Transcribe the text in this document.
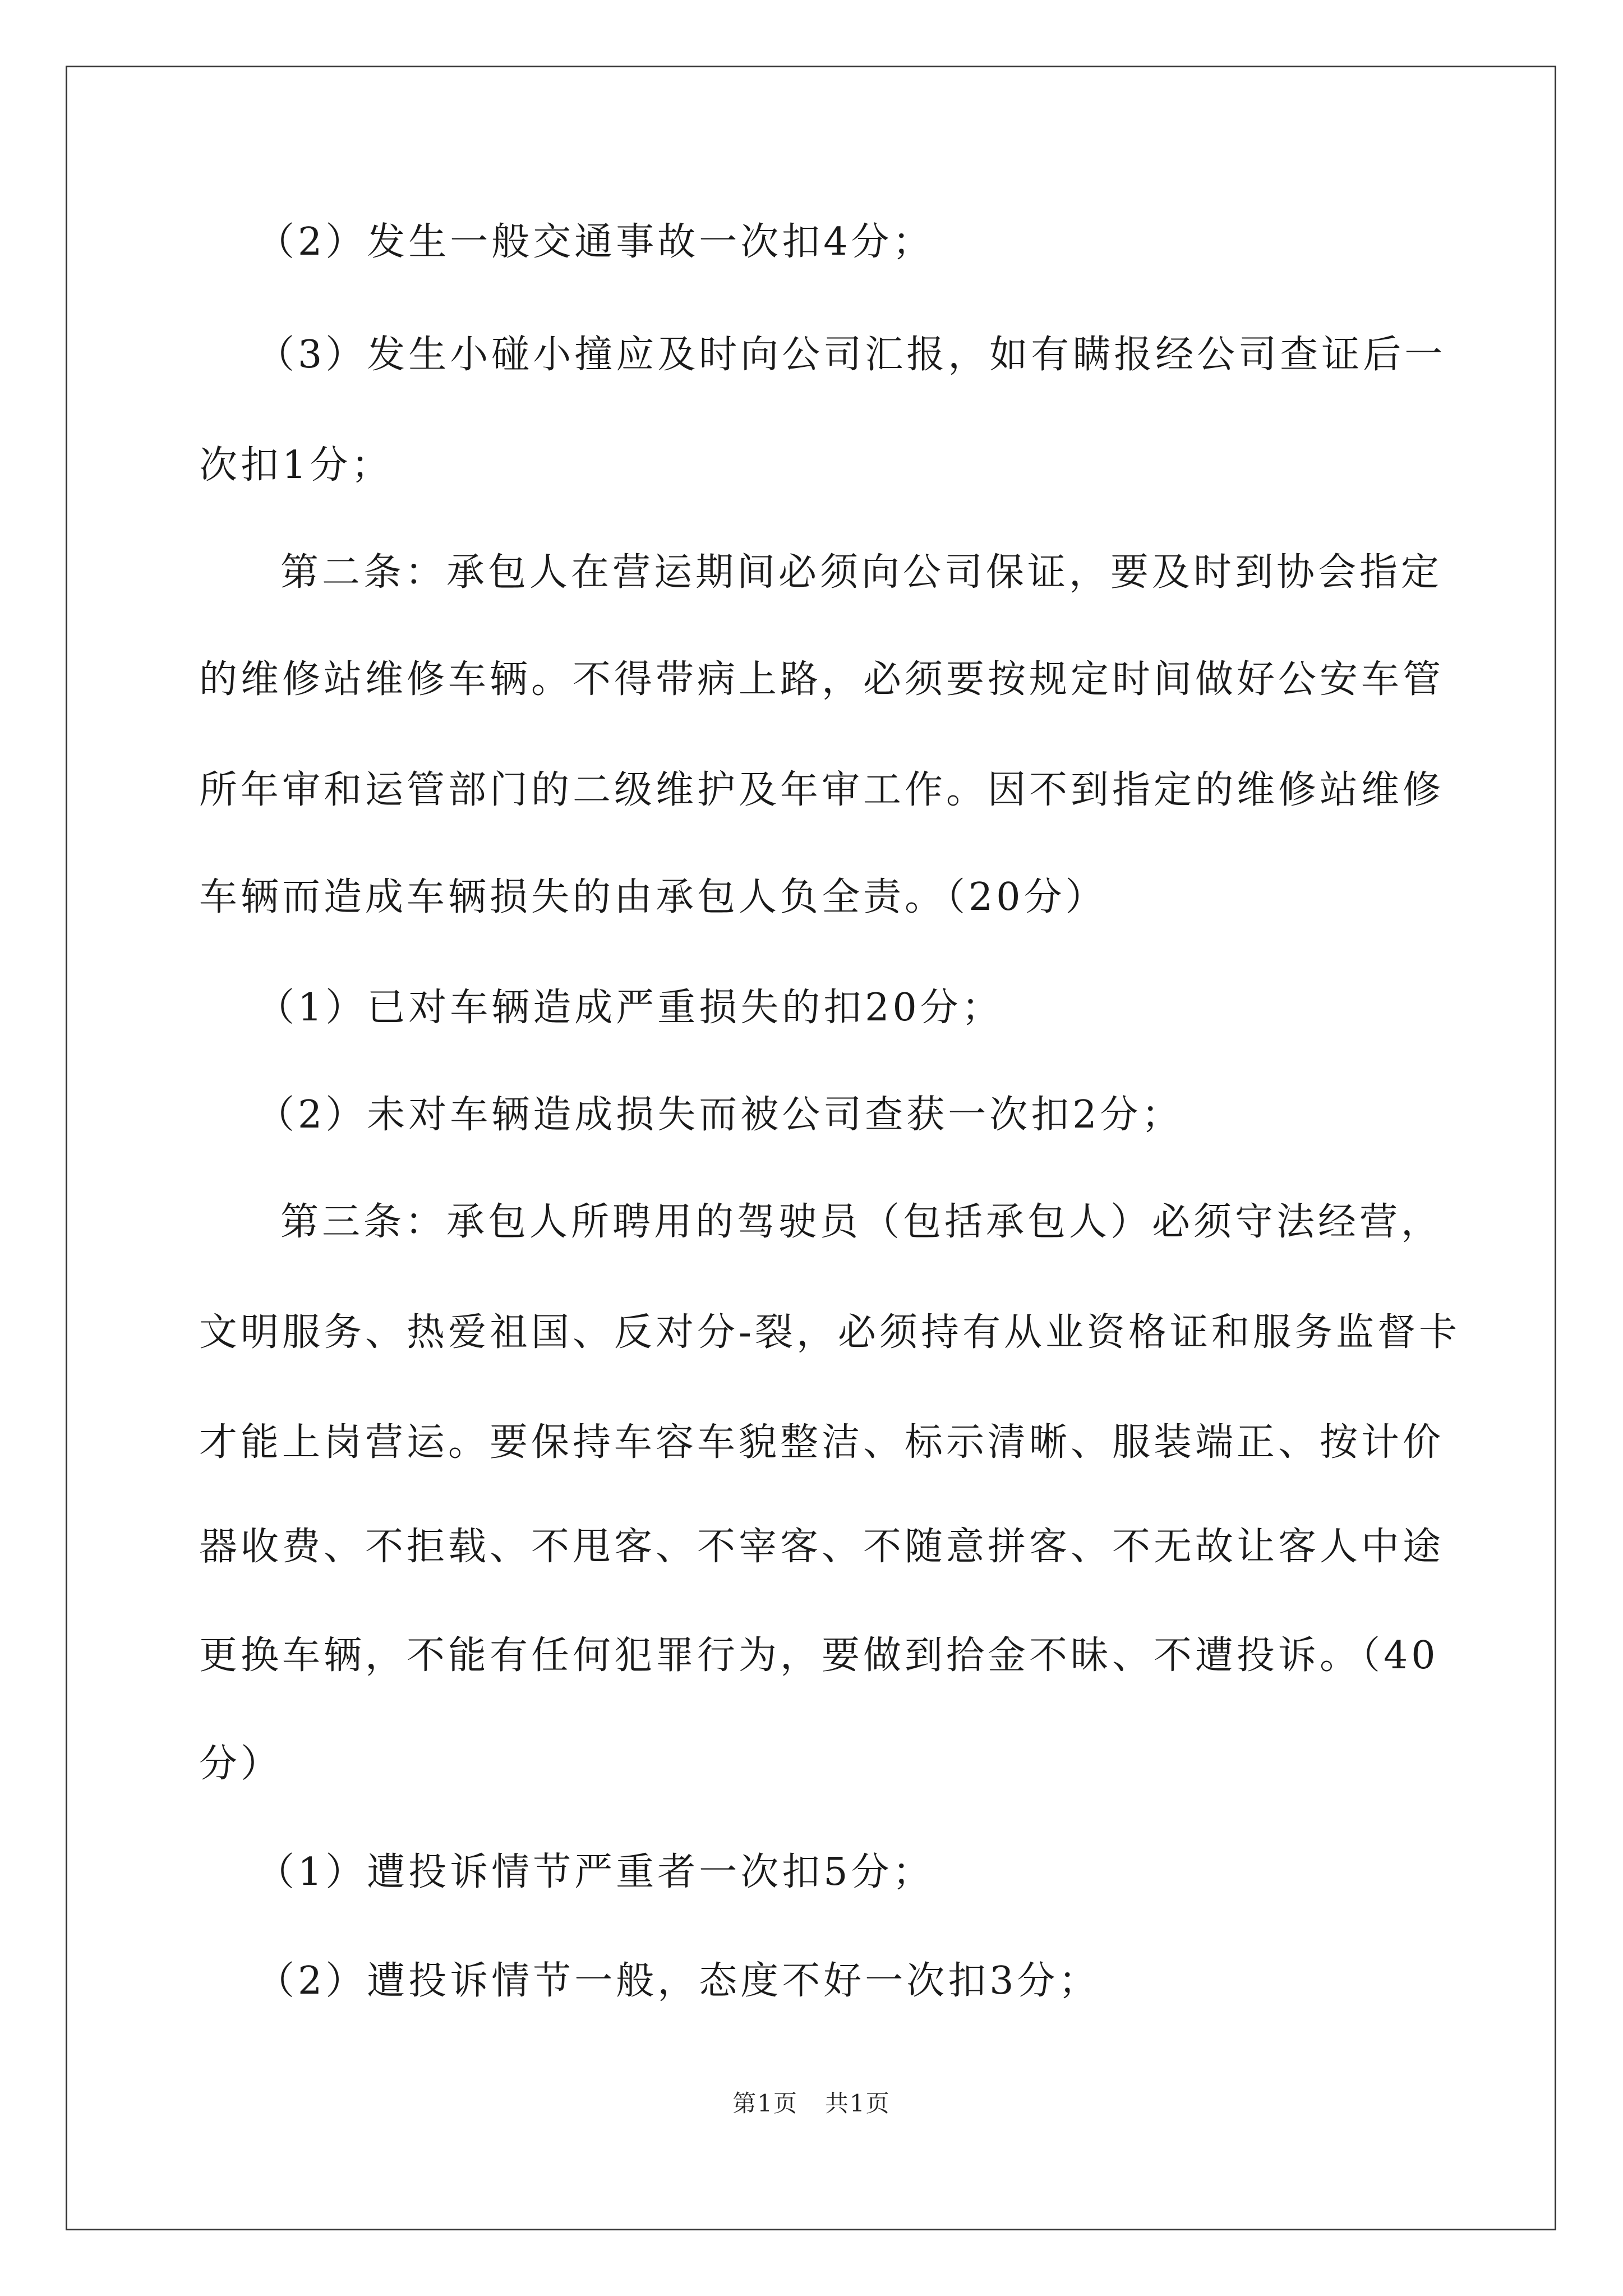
（2）发生一般交通事故一次扣4分；
（3）发生小碰小撞应及时向公司汇报，如有瞒报经公司查证后一
次扣1分；
第二条：承包人在营运期间必须向公司保证，要及时到协会指定
的维修站维修车辆。不得带病上路，必须要按规定时间做好公安车管
所年审和运管部门的二级维护及年审工作。因不到指定的维修站维修
车辆而造成车辆损失的由承包人负全责。（20分）
（1）已对车辆造成严重损失的扣20分；
（2）未对车辆造成损失而被公司查获一次扣2分；
第三条：承包人所聘用的驾驶员（包括承包人）必须守法经营，
文明服务、热爱祖国、反对分-裂，必须持有从业资格证和服务监督卡
才能上岗营运。要保持车容车貌整洁、标示清晰、服装端正、按计价
器收费、不拒载、不甩客、不宰客、不随意拼客、不无故让客人中途
更换车辆，不能有任何犯罪行为，要做到拾金不昧、不遭投诉。（40
分）
（1）遭投诉情节严重者一次扣5分；
（2）遭投诉情节一般，态度不好一次扣3分；
第1页 共1页
